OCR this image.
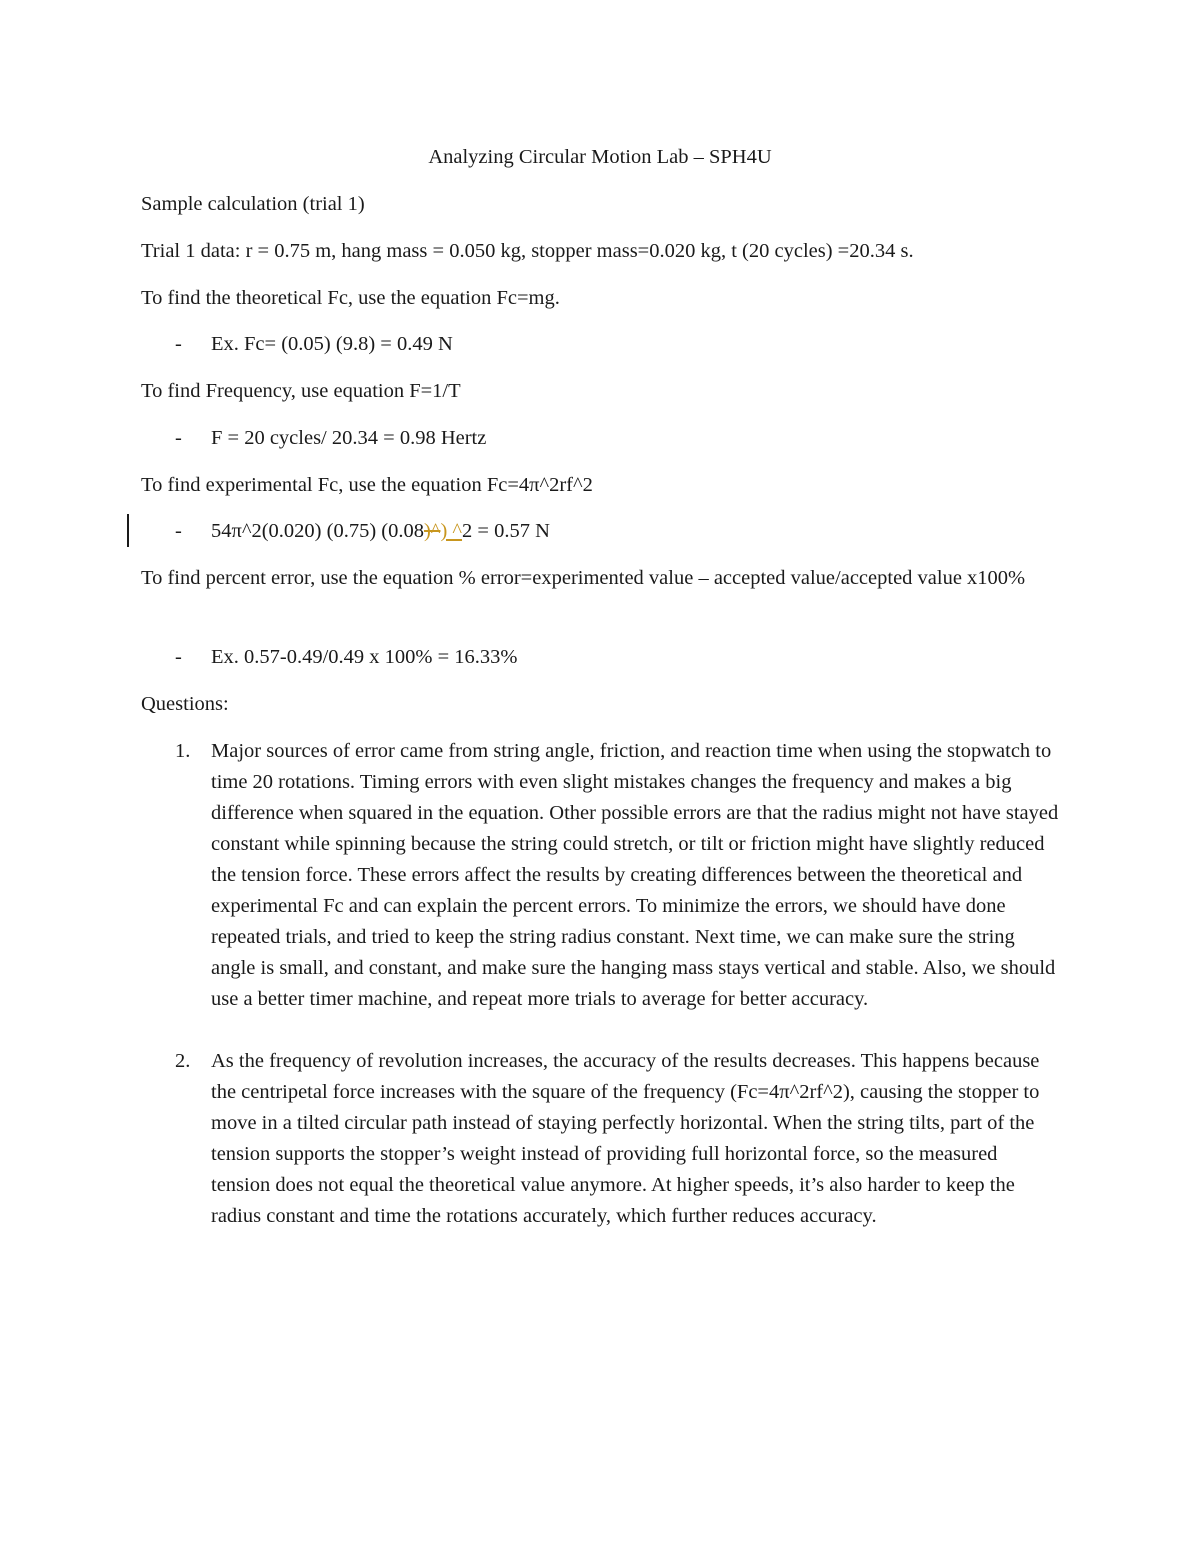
Analyzing Circular Motion Lab – SPH4U
Sample calculation (trial 1)
Trial 1 data: r = 0.75 m, hang mass = 0.050 kg, stopper mass=0.020 kg, t (20 cycles) =20.34 s.
To find the theoretical Fc, use the equation Fc=mg.
- Ex. Fc= (0.05) (9.8) = 0.49 N
To find Frequency, use equation F=1/T
- F = 20 cycles/ 20.34 = 0.98 Hertz
To find experimental Fc, use the equation Fc=4π^2rf^2
- 54π^2(0.020) (0.75) (0.08)^) ^2 = 0.57 N
To find percent error, use the equation % error=experimented value – accepted value/accepted value x100%
- Ex. 0.57-0.49/0.49 x 100% = 16.33%
Questions:
1. Major sources of error came from string angle, friction, and reaction time when using the stopwatch to time 20 rotations. Timing errors with even slight mistakes changes the frequency and makes a big difference when squared in the equation. Other possible errors are that the radius might not have stayed constant while spinning because the string could stretch, or tilt or friction might have slightly reduced the tension force. These errors affect the results by creating differences between the theoretical and experimental Fc and can explain the percent errors. To minimize the errors, we should have done repeated trials, and tried to keep the string radius constant. Next time, we can make sure the string angle is small, and constant, and make sure the hanging mass stays vertical and stable. Also, we should use a better timer machine, and repeat more trials to average for better accuracy.
2. As the frequency of revolution increases, the accuracy of the results decreases. This happens because the centripetal force increases with the square of the frequency (Fc=4π^2rf^2), causing the stopper to move in a tilted circular path instead of staying perfectly horizontal. When the string tilts, part of the tension supports the stopper’s weight instead of providing full horizontal force, so the measured tension does not equal the theoretical value anymore. At higher speeds, it’s also harder to keep the radius constant and time the rotations accurately, which further reduces accuracy.
